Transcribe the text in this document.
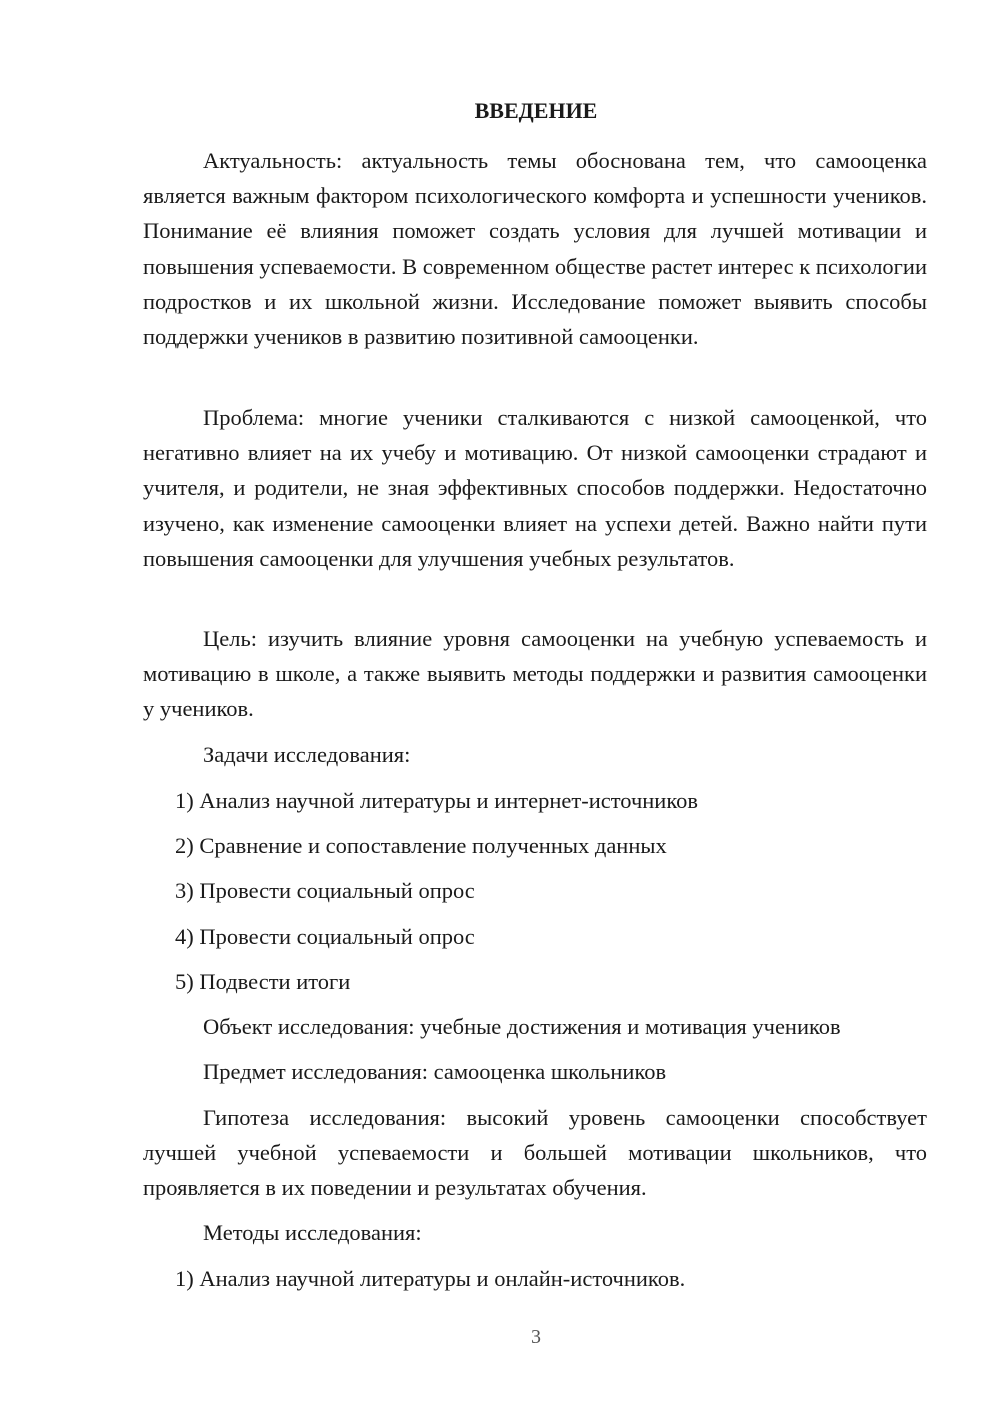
ВВЕДЕНИЕ

Актуальность: актуальность темы обоснована тем, что самооценка является важным фактором психологического комфорта и успешности учеников. Понимание её влияния поможет создать условия для лучшей мотивации и повышения успеваемости. В современном обществе растет интерес к психологии подростков и их школьной жизни. Исследование поможет выявить способы поддержки учеников в развитию позитивной самооценки.

Проблема: многие ученики сталкиваются с низкой самооценкой, что негативно влияет на их учебу и мотивацию. От низкой самооценки страдают и учителя, и родители, не зная эффективных способов поддержки. Недостаточно изучено, как изменение самооценки влияет на успехи детей. Важно найти пути повышения самооценки для улучшения учебных результатов.

Цель: изучить влияние уровня самооценки на учебную успеваемость и мотивацию в школе, а также выявить методы поддержки и развития самооценки у учеников.

Задачи исследования:

1) Анализ научной литературы и интернет-источников

2) Сравнение и сопоставление полученных данных

3) Провести социальный опрос

4) Провести социальный опрос

5) Подвести итоги

Объект исследования: учебные достижения и мотивация учеников

Предмет исследования: самооценка школьников

Гипотеза исследования: высокий уровень самооценки способствует лучшей учебной успеваемости и большей мотивации школьников, что проявляется в их поведении и результатах обучения.

Методы исследования:

1) Анализ научной литературы и онлайн-источников.

3
